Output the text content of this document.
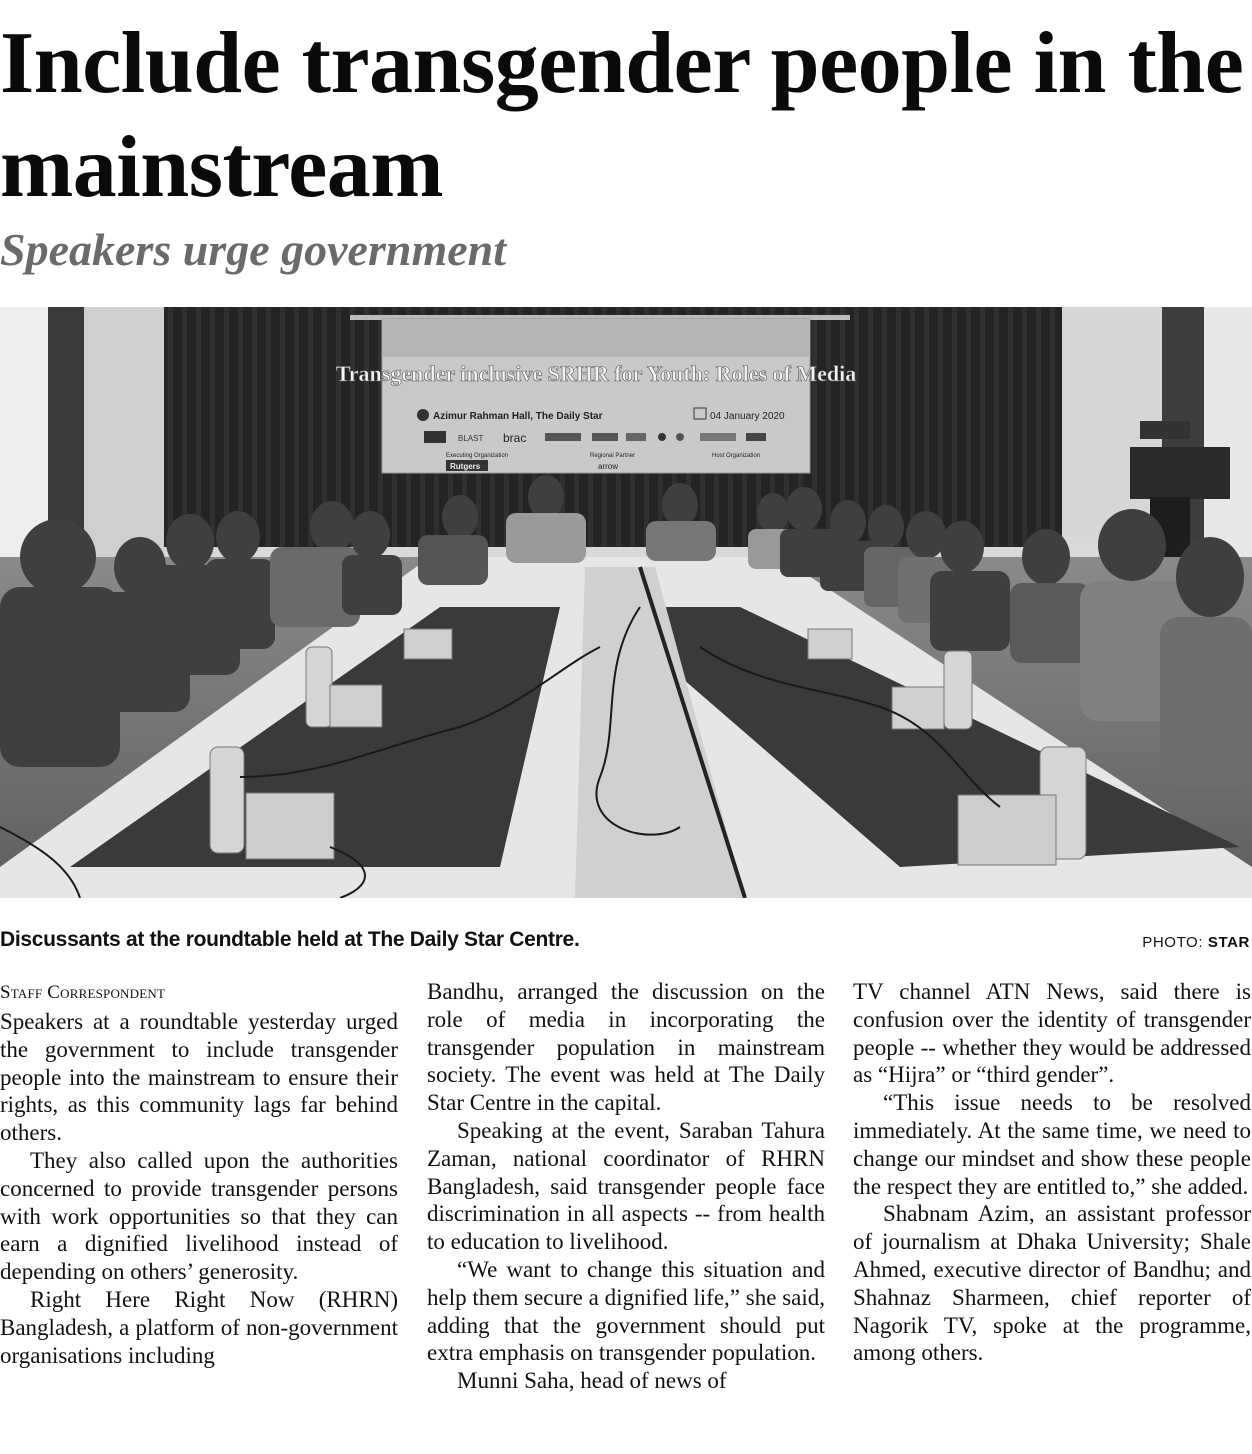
Include transgender people in the mainstream
Speakers urge government
Transgender inclusive SRHR for Youth: Roles of Media
Azimur Rahman Hall, The Daily Star	04 January 2020
BLAST brac
Executing Organization	Regional Partner	Host Organization
Rutgers	arrow

Discussants at the roundtable held at The Daily Star Centre.	PHOTO: STAR

Staff Correspondent

Speakers at a roundtable yesterday urged the government to include transgender people into the mainstream to ensure their rights, as this community lags far behind others.

They also called upon the authorities concerned to provide transgender persons with work opportunities so that they can earn a dignified livelihood instead of depending on others’ generosity.

Right Here Right Now (RHRN) Bangladesh, a platform of non-government organisations including

Bandhu, arranged the discussion on the role of media in incorporating the transgender population in mainstream society. The event was held at The Daily Star Centre in the capital.

Speaking at the event, Saraban Tahura Zaman, national coordinator of RHRN Bangladesh, said transgender people face discrimination in all aspects -- from health to education to livelihood.

“We want to change this situation and help them secure a dignified life,” she said, adding that the government should put extra emphasis on transgender population.

Munni Saha, head of news of

TV channel ATN News, said there is confusion over the identity of transgender people -- whether they would be addressed as “Hijra” or “third gender”.

“This issue needs to be resolved immediately. At the same time, we need to change our mindset and show these people the respect they are entitled to,” she added.

Shabnam Azim, an assistant professor of journalism at Dhaka University; Shale Ahmed, executive director of Bandhu; and Shahnaz Sharmeen, chief reporter of Nagorik TV, spoke at the programme, among others.
